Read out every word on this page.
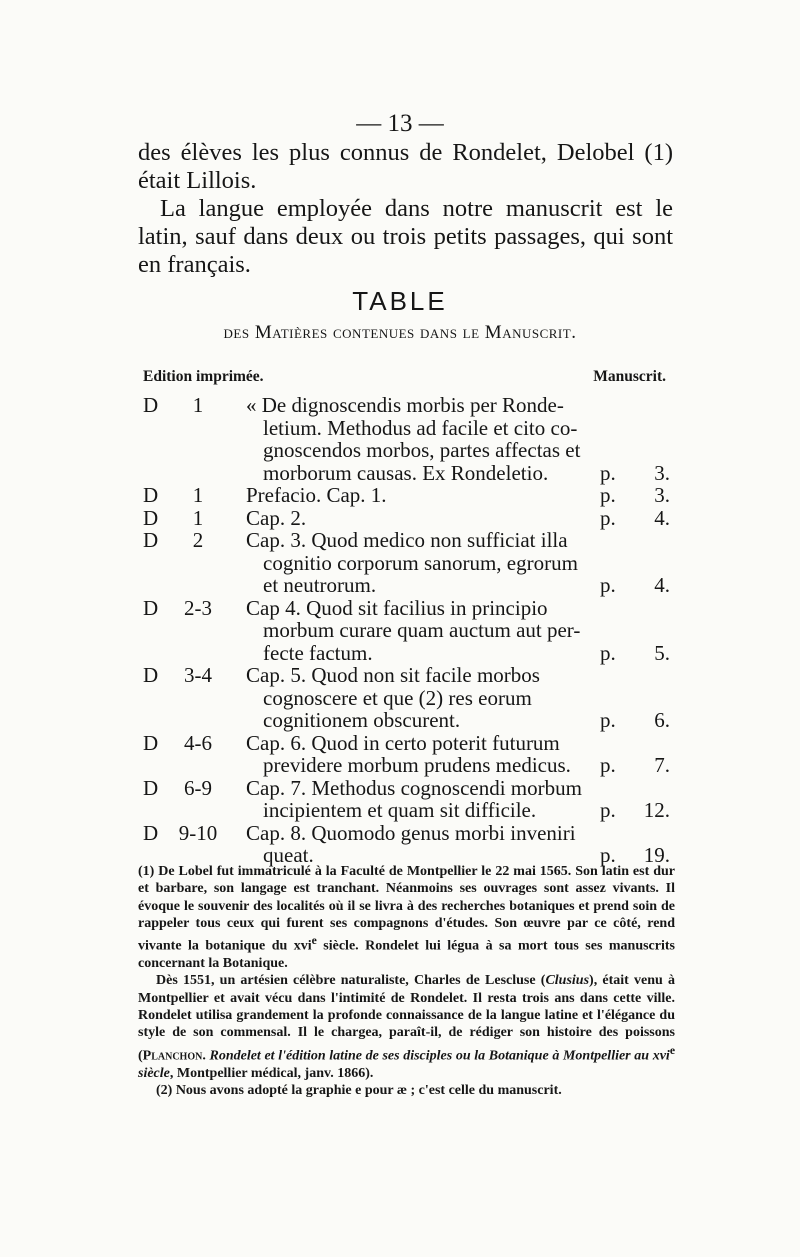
— 13 —

des élèves les plus connus de Rondelet, Delobel (1) était Lillois.

La langue employée dans notre manuscrit est le latin, sauf dans deux ou trois petits passages, qui sont en français.

TABLE
des Matières contenues dans le Manuscrit.
Edition imprimée.	Manuscrit.
D	1	« De dignoscendis morbis per Ronde-
letium. Methodus ad facile et cito co-
gnoscendos morbos, partes affectas et
morborum causas. Ex Rondeletio.	p. 3.
D	1	Prefacio. Cap. 1.	p. 3.
D	1	Cap. 2.	p. 4.
D	2	Cap. 3. Quod medico non sufficiat illa
cognitio corporum sanorum, egrorum
et neutrorum.	p. 4.
D	2-3	Cap 4. Quod sit facilius in principio
morbum curare quam auctum aut per-
fecte factum.	p. 5.
D	3-4	Cap. 5. Quod non sit facile morbos
cognoscere et que (2) res eorum
cognitionem obscurent.	p. 6.
D	4-6	Cap. 6. Quod in certo poterit futurum
previdere morbum prudens medicus.	p. 7.
D	6-9	Cap. 7. Methodus cognoscendi morbum
incipientem et quam sit difficile.	p. 12.
D 9-10	Cap. 8. Quomodo genus morbi inveniri
queat.	p. 19.

(1) De Lobel fut immatriculé à la Faculté de Montpellier le 22 mai 1565. Son latin est dur et barbare, son langage est tranchant. Néanmoins ses ouvrages sont assez vivants. Il évoque le souvenir des localités où il se livra à des recherches botaniques et prend soin de rappeler tous ceux qui furent ses compagnons d'études. Son œuvre par ce côté, rend vivante la botanique du xvi$^e$ siècle. Rondelet lui légua à sa mort tous ses manuscrits concernant la Botanique.

Dès 1551, un artésien célèbre naturaliste, Charles de Lescluse (Clusius), était venu à Montpellier et avait vécu dans l'intimité de Rondelet. Il resta trois ans dans cette ville. Rondelet utilisa grandement la profonde connaissance de la langue latine et l'élégance du style de son commensal. Il le chargea, paraît-il, de rédiger son histoire des poissons (Planchon. Rondelet et l'édition latine de ses disciples ou la Botanique à Montpellier au xvi$^e$ siècle, Montpellier médical, janv. 1866).

(2) Nous avons adopté la graphie e pour æ ; c'est celle du manuscrit.
